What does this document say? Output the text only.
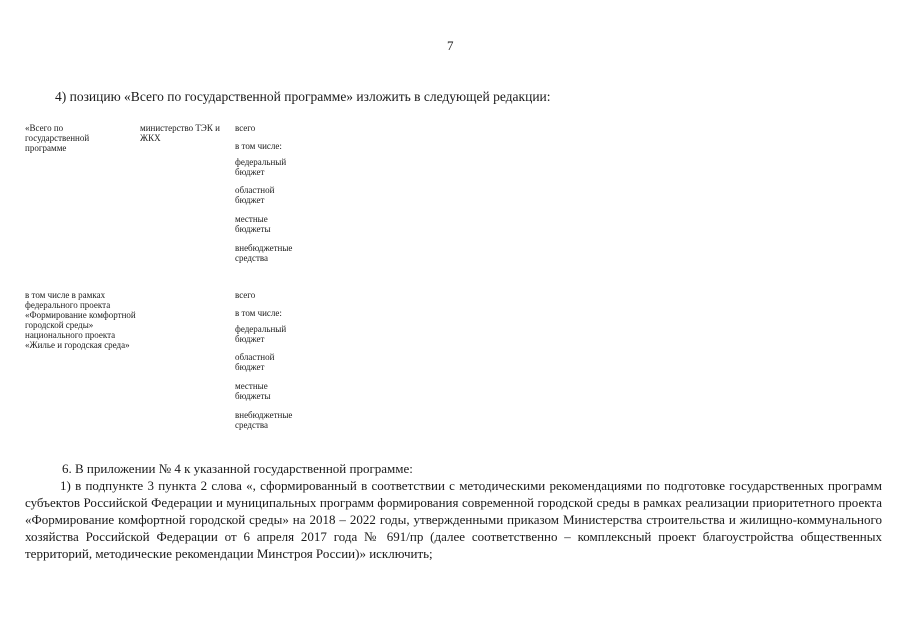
7
4) позицию «Всего по государственной программе» изложить в следующей редакции:
«Всего по государственной программе
министерство ТЭК и ЖКХ
в том числе в рамках федерального проекта «Формирование комфортной городской среды» национального проекта «Жилье и городская среда»
всего
в том числе:
федеральный бюджет
областной бюджет
местные бюджеты
внебюджетные средства
всего
в том числе:
федеральный бюджет
областной бюджет
местные бюджеты
внебюджетные средства
6. В приложении № 4 к указанной государственной программе:
1) в подпункте 3 пункта 2 слова «, сформированный в соответствии с методическими рекомендациями по подготовке государственных программ субъектов Российской Федерации и муниципальных программ формирования современной городской среды в рамках реализации приоритетного проекта «Формирование комфортной городской среды» на 2018 – 2022 годы, утвержденными приказом Министерства строительства и жилищно-коммунального хозяйства Российской Федерации от 6 апреля 2017 года № 691/пр (далее соответственно – комплексный проект благоустройства общественных территорий, методические рекомендации Минстроя России)» исключить;
